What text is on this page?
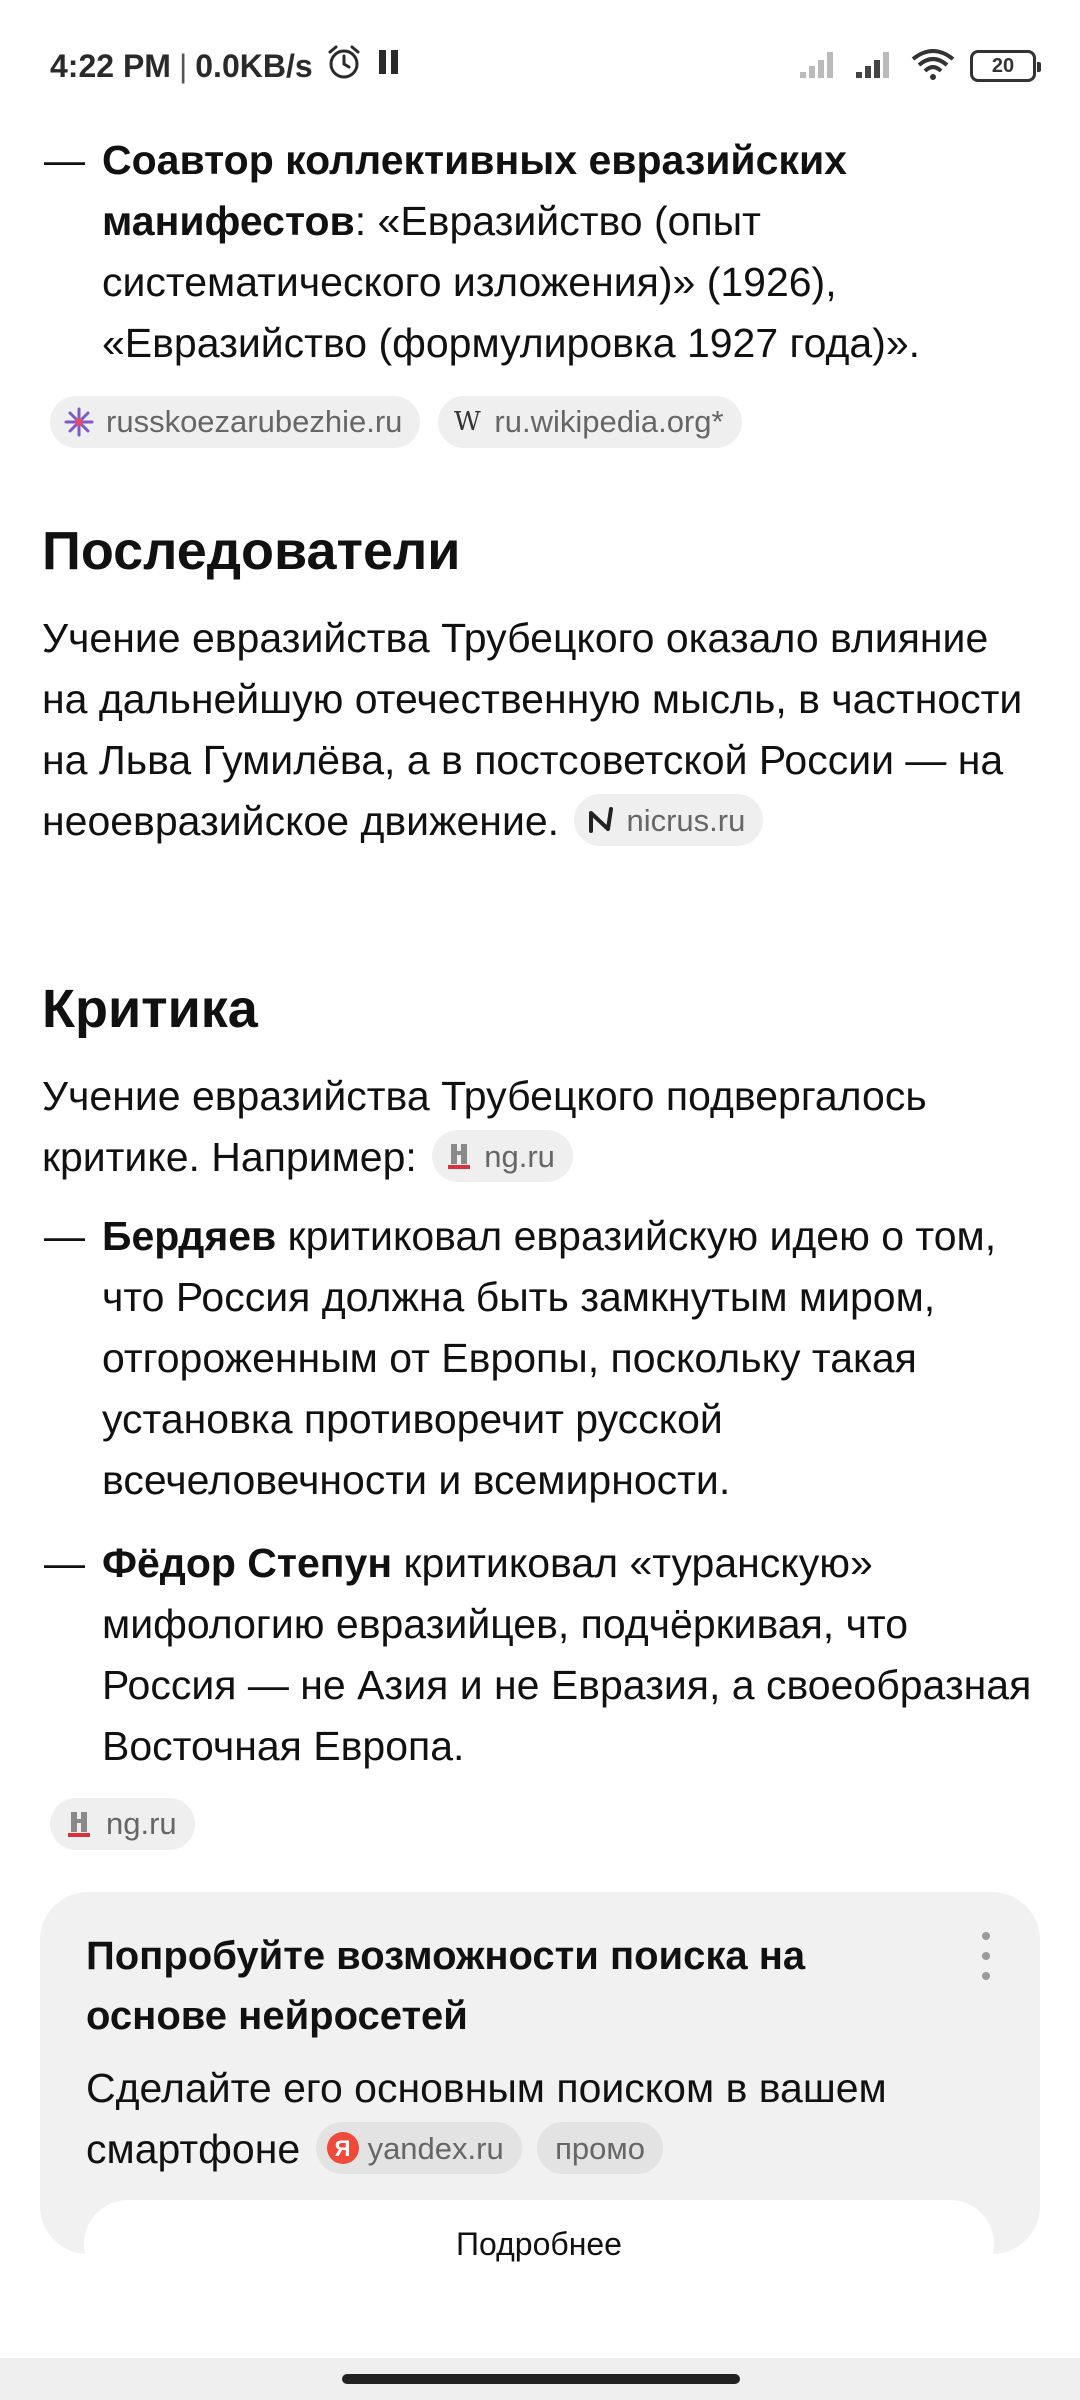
4:22 PM | 0.0KB/s	20
— Соавтор коллективных евразийских манифестов: «Евразийство (опыт систематического изложения)» (1926), «Евразийство (формулировка 1927 года)».
russkoezarubezhie.ru W ru.wikipedia.org*
Последователи
Учение евразийства Трубецкого оказало влияние на дальнейшую отечественную мысль, в частности на Льва Гумилёва, а в постсоветской России — на неоевразийское движение. nicrus.ru
Критика
Учение евразийства Трубецкого подвергалось критике. Например: ng.ru
— Бердяев критиковал евразийскую идею о том, что Россия должна быть замкнутым миром, отгороженным от Европы, поскольку такая установка противоречит русской всечеловечности и всемирности.
— Фёдор Степун критиковал «туранскую» мифологию евразийцев, подчёркивая, что Россия — не Азия и не Евразия, а своеобразная Восточная Европа.
ng.ru
Попробуйте возможности поиска на основе нейросетей
Сделайте его основным поиском в вашем смартфоне	Я yandex.ru
промо
Подробнее
